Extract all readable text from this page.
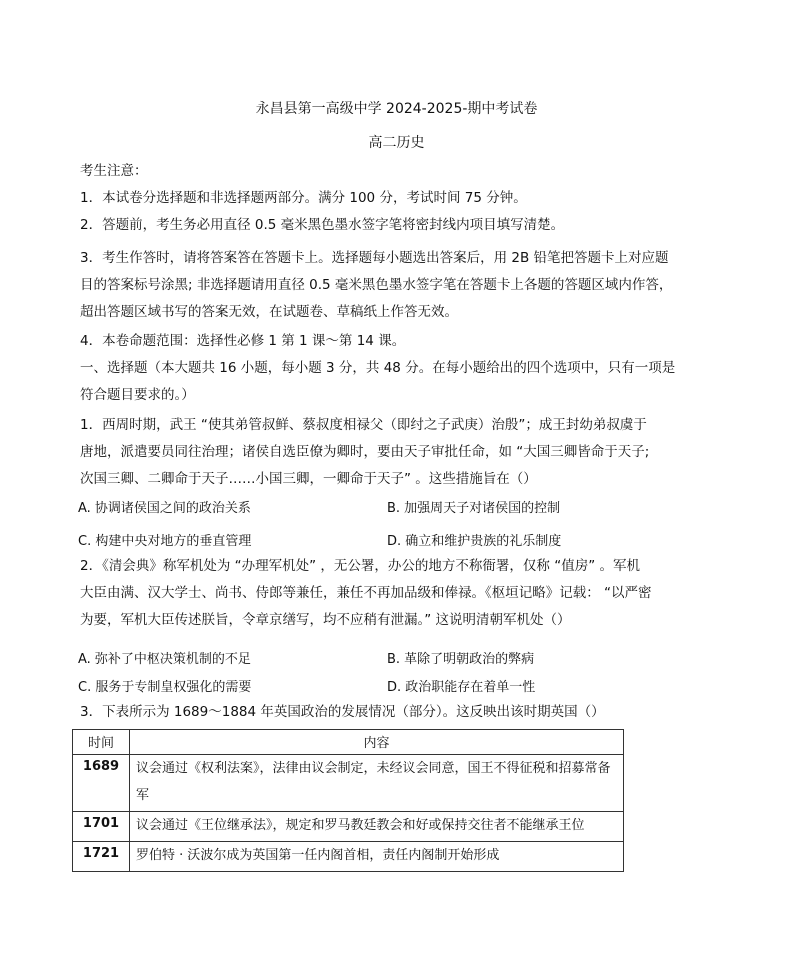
永昌县第一高级中学 2024-2025-期中考试卷
高二历史
考生注意：
1．本试卷分选择题和非选择题两部分。满分 100 分，考试时间 75 分钟。
2．答题前，考生务必用直径 0.5 毫米黑色墨水签字笔将密封线内项目填写清楚。
3．考生作答时，请将答案答在答题卡上。选择题每小题选出答案后，用 2B 铅笔把答题卡上对应题
目的答案标号涂黑; 非选择题请用直径 0.5 毫米黑色墨水签字笔在答题卡上各题的答题区域内作答，
超出答题区域书写的答案无效，在试题卷、草稿纸上作答无效。
4．本卷命题范围：选择性必修 1 第 1 课～第 14 课。
一、选择题（本大题共 16 小题，每小题 3 分，共 48 分。在每小题给出的四个选项中，只有一项是
符合题目要求的。）
1．西周时期，武王 “使其弟管叔鲜、蔡叔度相禄父（即纣之子武庚）治殷”；成王封幼弟叔虞于
唐地，派遣要员同往治理；诸侯自选臣僚为卿时，要由天子审批任命，如 “大国三卿皆命于天子;
次国三卿、二卿命于天子……小国三卿，一卿命于天子” 。这些措施旨在（）
A. 协调诸侯国之间的政治关系	B. 加强周天子对诸侯国的控制
C. 构建中央对地方的垂直管理	D. 确立和维护贵族的礼乐制度
2．《清会典》称军机处为 “办理军机处” ，无公署，办公的地方不称衙署，仅称 “值房” 。军机
大臣由满、汉大学士、尚书、侍郎等兼任，兼任不再加品级和俸禄。《枢垣记略》记载： “以严密
为要，军机大臣传述朕旨，令章京缮写，均不应稍有泄漏。” 这说明清朝军机处（）
A. 弥补了中枢决策机制的不足	B. 革除了明朝政治的弊病
C. 服务于专制皇权强化的需要	D. 政治职能存在着单一性
3．下表所示为 1689～1884 年英国政治的发展情况（部分）。这反映出该时期英国（）
时间	内容
1689	议会通过《权利法案》，法律由议会制定，未经议会同意，国王不得征税和招募常备军
1701	议会通过《王位继承法》，规定和罗马教廷教会和好或保持交往者不能继承王位
1721	罗伯特 · 沃波尔成为英国第一任内阁首相，责任内阁制开始形成
